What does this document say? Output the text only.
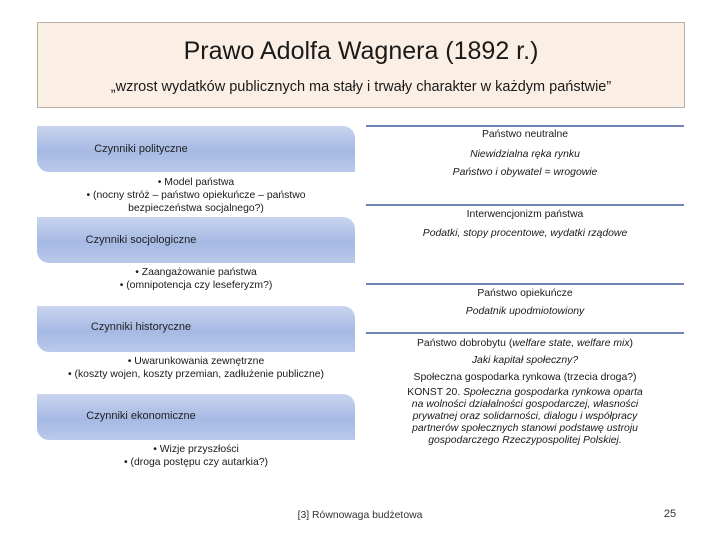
Prawo Adolfa Wagnera (1892 r.)
„wzrost wydatków publicznych ma stały i trwały charakter w każdym państwie”
Czynniki polityczne
• Model państwa
• (nocny stróż – państwo opiekuńcze – państwo bezpieczeństwa socjalnego?)
Czynniki socjologiczne
• Zaangażowanie państwa
• (omnipotencja czy leseferyzm?)
Czynniki historyczne
• Uwarunkowania zewnętrzne
• (koszty wojen, koszty przemian, zadłużenie publiczne)
Czynniki ekonomiczne
• Wizje przyszłości
• (droga postępu czy autarkia?)
Państwo neutralne
Niewidzialna ręka rynku
Państwo i obywatel = wrogowie
Interwencjonizm państwa
Podatki, stopy procentowe, wydatki rządowe
Państwo opiekuńcze
Podatnik upodmiotowiony
Państwo dobrobytu (welfare state, welfare mix)
Jaki kapitał społeczny?
Społeczna gospodarka rynkowa (trzecia droga?)
KONST 20. Społeczna gospodarka rynkowa oparta na wolności działalności gospodarczej, własności prywatnej oraz solidarności, dialogu i współpracy partnerów społecznych stanowi podstawę ustroju gospodarczego Rzeczypospolitej Polskiej.
[3] Równowaga budżetowa	25
